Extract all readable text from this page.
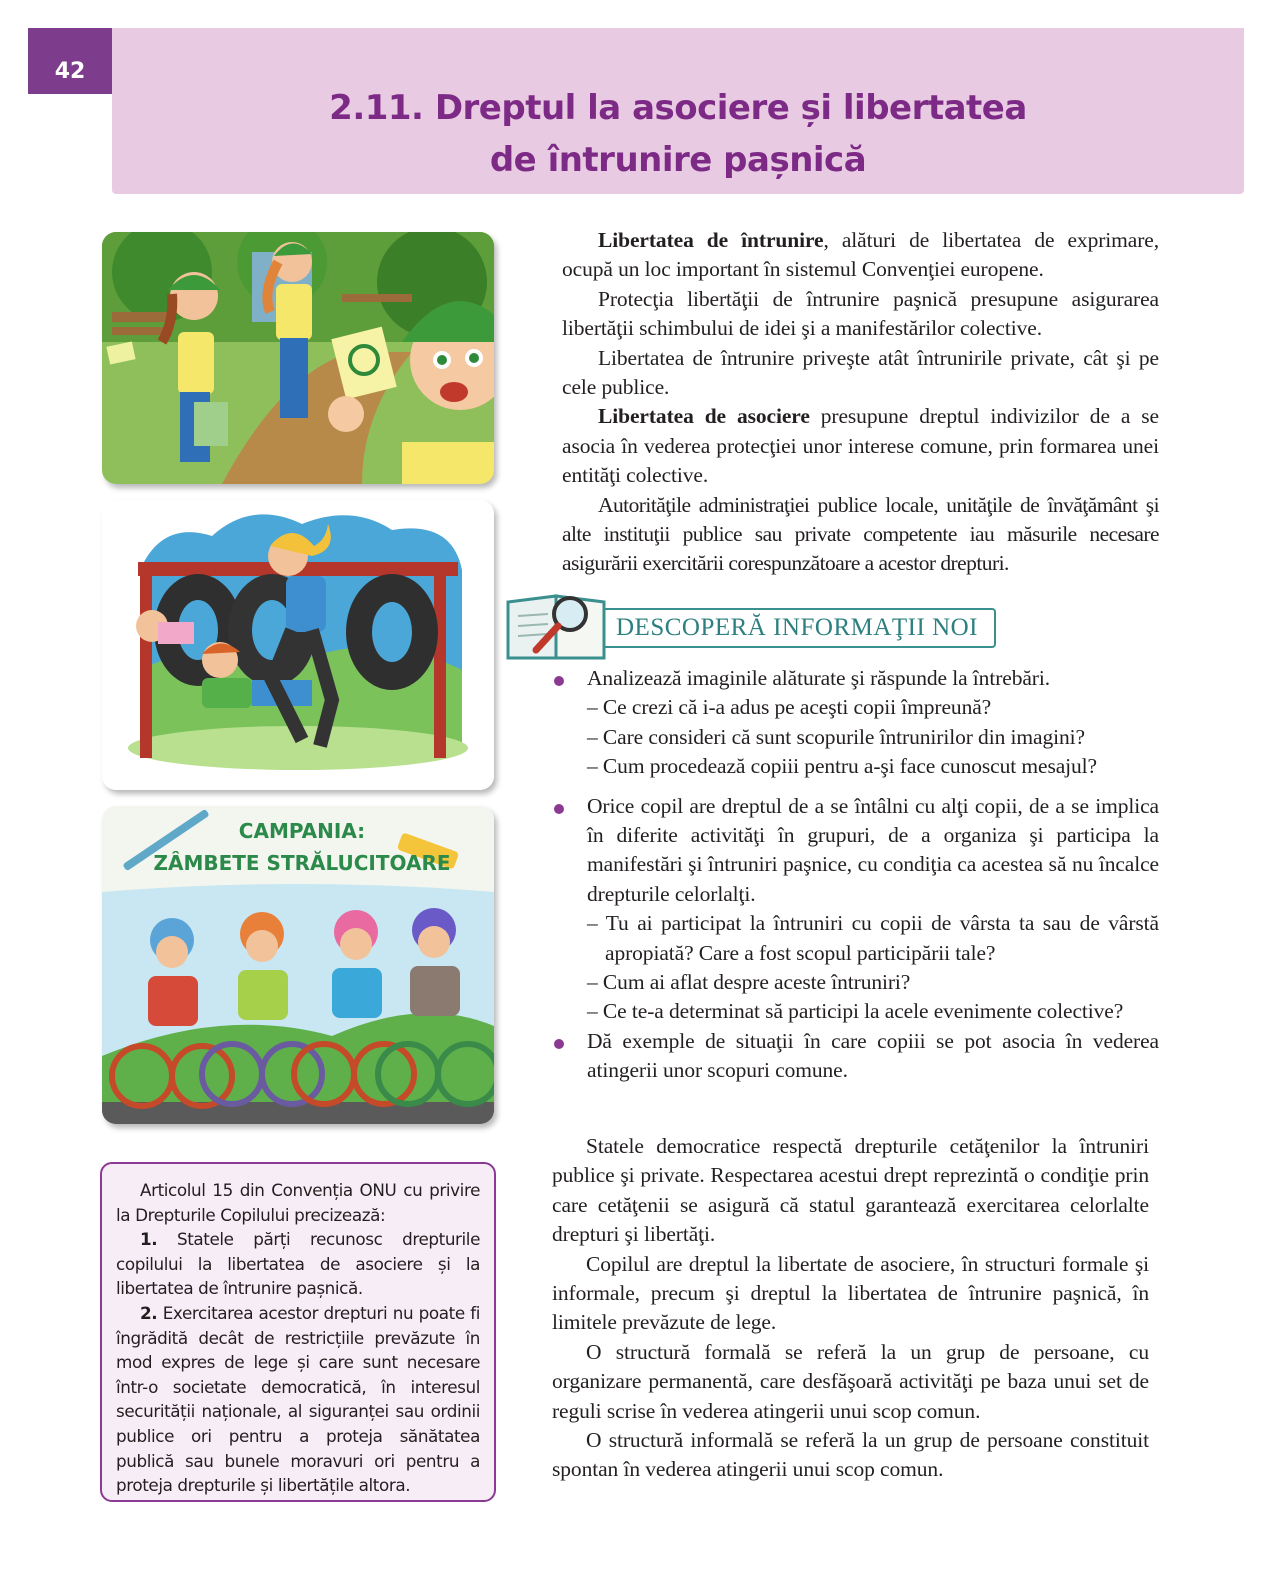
42
2.11. Dreptul la asociere și libertatea
de întrunire pașnică
CAMPANIA:
ZÂMBETE STRĂLUCITOARE

Articolul 15 din Convenția ONU cu privire la Drepturile Copilului precizează:

1. Statele părți recunosc drepturile copilului la libertatea de asociere și la libertatea de întrunire pașnică.

2. Exercitarea acestor drepturi nu poate fi îngrădită decât de restricțiile prevăzute în mod expres de lege și care sunt necesare într-o societate democratică, în interesul securității naționale, al siguranței sau ordinii publice ori pentru a proteja sănătatea publică sau bunele moravuri ori pentru a proteja drepturile și libertățile altora.

Libertatea de întrunire, alături de libertatea de exprimare, ocupă un loc important în sistemul Convenţiei europene.

Protecţia libertăţii de întrunire paşnică presupune asigurarea libertăţii schimbului de idei şi a manifestărilor colective.

Libertatea de întrunire priveşte atât întrunirile private, cât şi pe cele publice.

Libertatea de asociere presupune dreptul indivizilor de a se asocia în vederea protecţiei unor interese comune, prin formarea unei entităţi colective.

Autorităţile administraţiei publice locale, unităţile de învăţământ şi alte instituţii publice sau private competente iau măsurile necesare asigurării exercitării corespunzătoare a acestor drepturi.

DESCOPERĂ INFORMAŢII NOI
Analizează imaginile alăturate şi răspunde la întrebări.
– Ce crezi că i-a adus pe aceşti copii împreună?
– Care consideri că sunt scopurile întrunirilor din imagini?
– Cum procedează copiii pentru a-şi face cunoscut mesajul?
Orice copil are dreptul de a se întâlni cu alţi copii, de a se implica în diferite activităţi în grupuri, de a organiza şi participa la manifestări şi întruniri paşnice, cu condiţia ca acestea să nu încalce drepturile celorlalţi.
– Tu ai participat la întruniri cu copii de vârsta ta sau de vârstă apropiată? Care a fost scopul participării tale?
– Cum ai aflat despre aceste întruniri?
– Ce te-a determinat să participi la acele evenimente colective?
Dă exemple de situaţii în care copiii se pot asocia în vederea atingerii unor scopuri comune.

Statele democratice respectă drepturile cetăţenilor la întruniri publice şi private. Respectarea acestui drept reprezintă o condiţie prin care cetăţenii se asigură că statul garantează exercitarea celorlalte drepturi şi libertăţi.

Copilul are dreptul la libertate de asociere, în structuri formale şi informale, precum şi dreptul la libertatea de întrunire paşnică, în limitele prevăzute de lege.

O structură formală se referă la un grup de persoane, cu organizare permanentă, care desfăşoară activităţi pe baza unui set de reguli scrise în vederea atingerii unui scop comun.

O structură informală se referă la un grup de persoane constituit spontan în vederea atingerii unui scop comun.
